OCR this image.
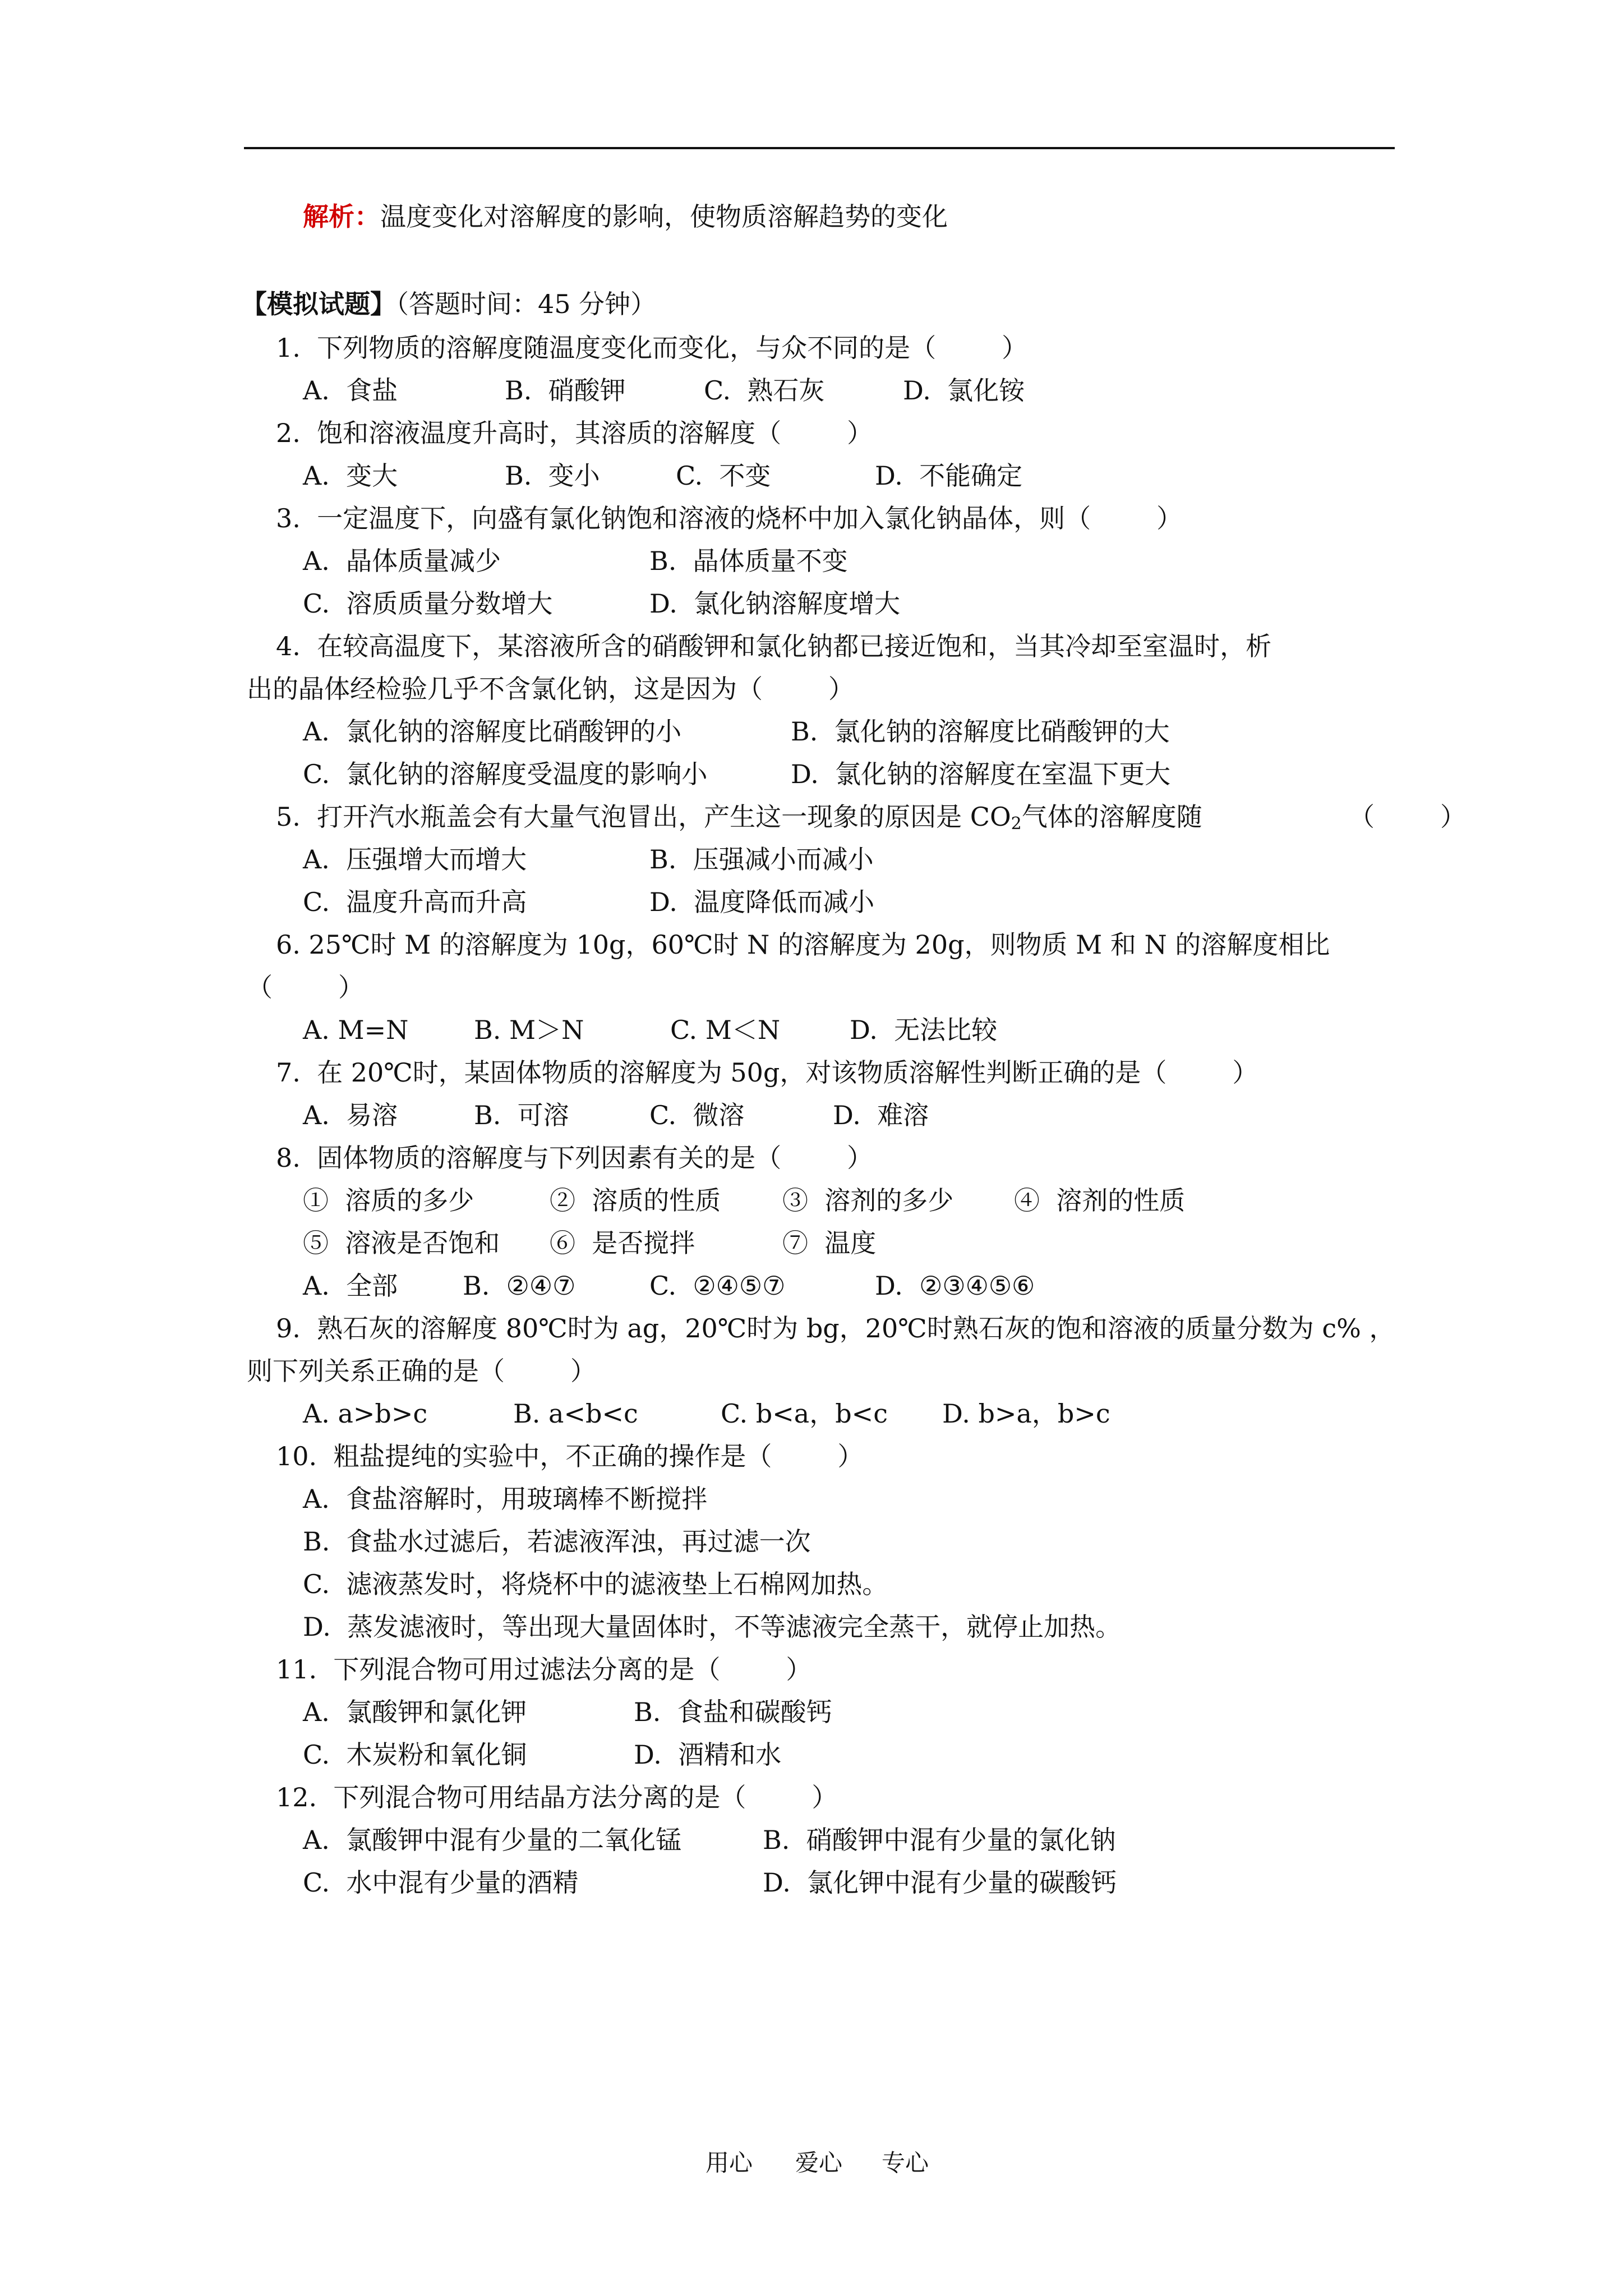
解析：温度变化对溶解度的影响，使物质溶解趋势的变化
【模拟试题】（答题时间：45 分钟）
1.  下列物质的溶解度随温度变化而变化，与众不同的是（        ）
A.  食盐	B.  硝酸钾	C.  熟石灰	D.  氯化铵
2.  饱和溶液温度升高时，其溶质的溶解度（        ）
A.  变大	B.  变小	C.  不变	D.  不能确定
3.  一定温度下，向盛有氯化钠饱和溶液的烧杯中加入氯化钠晶体，则（        ）
A.  晶体质量减少	B.  晶体质量不变
C.  溶质质量分数增大	D.  氯化钠溶解度增大
4.  在较高温度下，某溶液所含的硝酸钾和氯化钠都已接近饱和，当其冷却至室温时，析
出的晶体经检验几乎不含氯化钠，这是因为（        ）
A.  氯化钠的溶解度比硝酸钾的小	B.  氯化钠的溶解度比硝酸钾的大
C.  氯化钠的溶解度受温度的影响小	D.  氯化钠的溶解度在室温下更大
5.  打开汽水瓶盖会有大量气泡冒出，产生这一现象的原因是 $CO_2$气体的溶解度随	（        ）
A.  压强增大而增大	B.  压强减小而减小
C.  温度升高而升高	D.  温度降低而减小
6. 25℃时 M 的溶解度为 10g，60℃时 N 的溶解度为 20g，则物质 M 和 N 的溶解度相比
（        ）
A. M=N	B. M＞N	C. M＜N	D.  无法比较
7.  在 20℃时，某固体物质的溶解度为 50g，对该物质溶解性判断正确的是（        ）
A.  易溶	B.  可溶	C.  微溶	D.  难溶
8.  固体物质的溶解度与下列因素有关的是（        ）
①  溶质的多少	②  溶质的性质 ③  溶剂的多少 ④  溶剂的性质
⑤  溶液是否饱和 ⑥  是否搅拌	⑦  温度
A.  全部	B.  ②④⑦	C.  ②④⑤⑦	D.  ②③④⑤⑥
9.  熟石灰的溶解度 80℃时为 ag，20℃时为 bg，20℃时熟石灰的饱和溶液的质量分数为 c% ，
则下列关系正确的是（        ）
A. a>b>c	B. a<b<c	C. b<a，b<c D. b>a，b>c
10.  粗盐提纯的实验中，不正确的操作是（        ）
A.  食盐溶解时，用玻璃棒不断搅拌
B.  食盐水过滤后，若滤液浑浊，再过滤一次
C.  滤液蒸发时，将烧杯中的滤液垫上石棉网加热。
D.  蒸发滤液时，等出现大量固体时，不等滤液完全蒸干，就停止加热。
11.  下列混合物可用过滤法分离的是（        ）
A.  氯酸钾和氯化钾	B.  食盐和碳酸钙
C.  木炭粉和氧化铜	D.  酒精和水
12.  下列混合物可用结晶方法分离的是（        ）
A.  氯酸钾中混有少量的二氧化锰	B.  硝酸钾中混有少量的氯化钠
C.  水中混有少量的酒精	D.  氯化钾中混有少量的碳酸钙
用心 爱心 专心
